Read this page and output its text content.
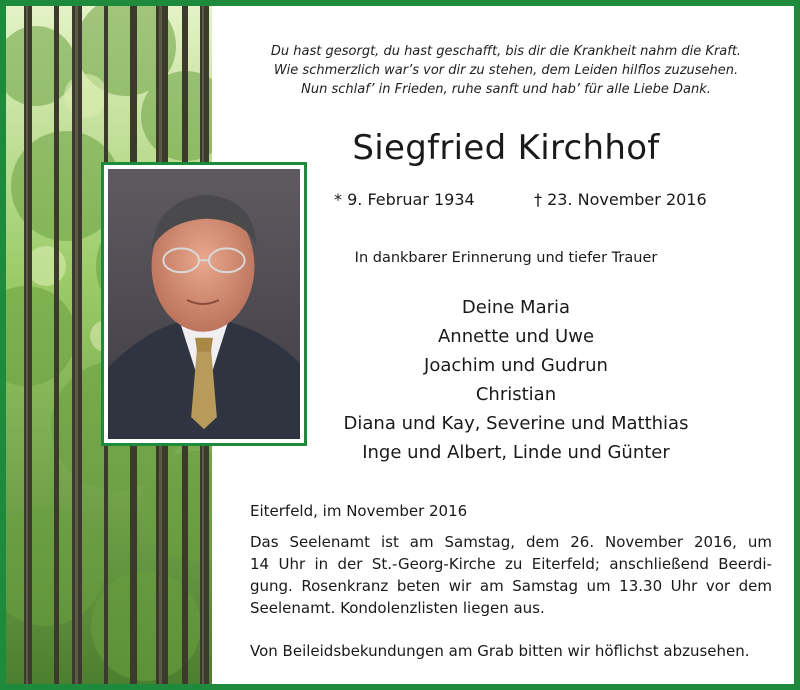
Du hast gesorgt, du hast geschafft, bis dir die Krankheit nahm die Kraft.
Wie schmerzlich war’s vor dir zu stehen, dem Leiden hilflos zuzusehen.
Nun schlaf’ in Frieden, ruhe sanft und hab’ für alle Liebe Dank.
Siegfried Kirchhof
* 9. Februar 1934	† 23. November 2016
In dankbarer Erinnerung und tiefer Trauer
Deine Maria
Annette und Uwe
Joachim und Gudrun
Christian
Diana und Kay, Severine und Matthias
Inge und Albert, Linde und Günter
Eiterfeld, im November 2016
Das Seelenamt ist am Samstag, dem 26. November 2016, um
14 Uhr in der St.-Georg-Kirche zu Eiterfeld; anschließend Beerdi-
gung. Rosenkranz beten wir am Samstag um 13.30 Uhr vor dem
Seelenamt. Kondolenzlisten liegen aus.
Von Beileidsbekundungen am Grab bitten wir höflichst abzusehen.
